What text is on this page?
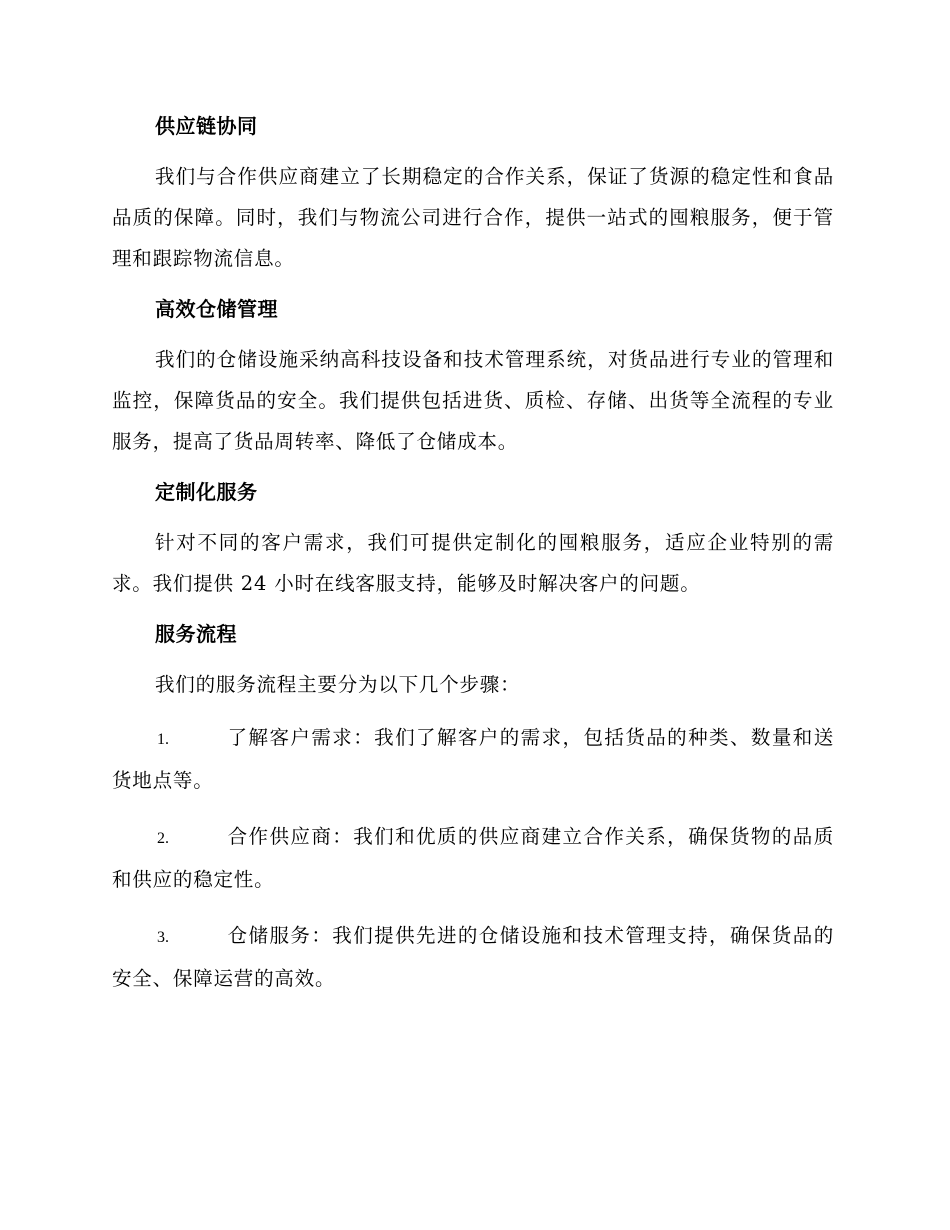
供应链协同

我们与合作供应商建立了长期稳定的合作关系，保证了货源的稳定性和食品品质的保障。同时，我们与物流公司进行合作，提供一站式的囤粮服务，便于管理和跟踪物流信息。

高效仓储管理

我们的仓储设施采纳高科技设备和技术管理系统，对货品进行专业的管理和监控，保障货品的安全。我们提供包括进货、质检、存储、出货等全流程的专业服务，提高了货品周转率、降低了仓储成本。

定制化服务

针对不同的客户需求，我们可提供定制化的囤粮服务，适应企业特别的需求。我们提供 24 小时在线客服支持，能够及时解决客户的问题。

服务流程

我们的服务流程主要分为以下几个步骤：

1.	了解客户需求：我们了解客户的需求，包括货品的种类、数量和送货地点等。

2.	合作供应商：我们和优质的供应商建立合作关系，确保货物的品质和供应的稳定性。

3.	仓储服务：我们提供先进的仓储设施和技术管理支持，确保货品的安全、保障运营的高效。
